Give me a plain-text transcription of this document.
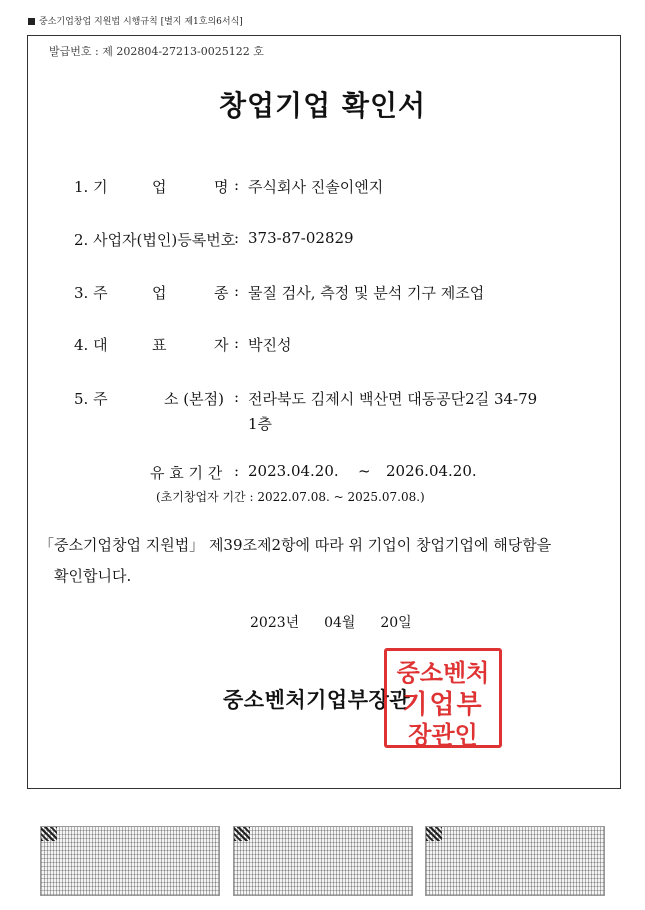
중소기업창업 지원법 시행규칙 [별지 제1호의6서식]
발급번호 : 제 202804-27213-0025122 호
창업기업 확인서
1. 기	업	명 : 주식회사 진솔이엔지
2. 사업자(법인)등록번호
: 373-87-02829
3. 주	업	종 : 물질 검사, 측정 및 분석 기구 제조업
4. 대	표	자 : 박진성
5. 주	소 (본점) : 전라북도 김제시 백산면 대동공단2길 34-79
1층
유 효 기 간 : 2023.04.20. ~ 2026.04.20.
(초기창업자 기간 : 2022.07.08. ~ 2025.07.08.)
「중소기업창업 지원법」 제39조제2항에 따라 위 기업이 창업기업에 해당함을
확인합니다.
2023년 04월 20일
중소벤처기업부장관
중소벤처
기업부
장관인
